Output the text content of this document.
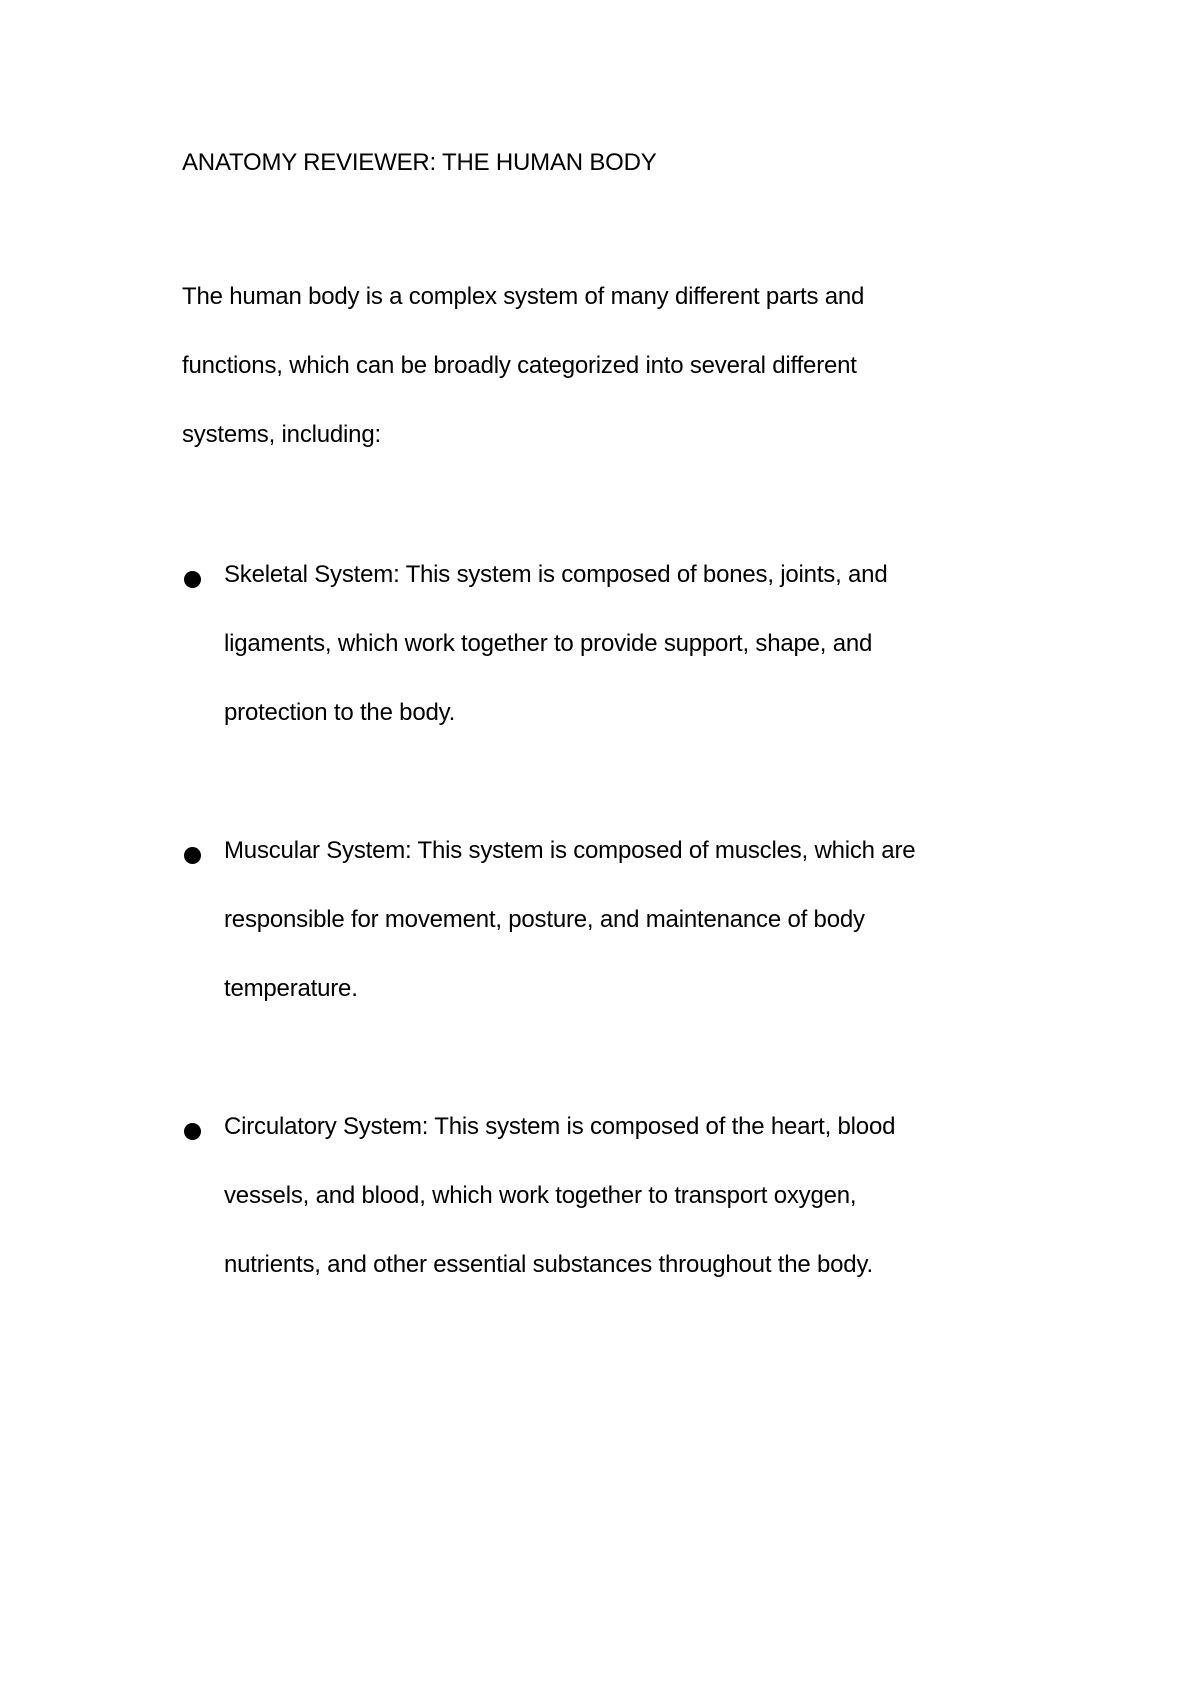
ANATOMY REVIEWER: THE HUMAN BODY
The human body is a complex system of many different parts and
functions, which can be broadly categorized into several different
systems, including:
Skeletal System: This system is composed of bones, joints, and
ligaments, which work together to provide support, shape, and
protection to the body.
Muscular System: This system is composed of muscles, which are
responsible for movement, posture, and maintenance of body
temperature.
Circulatory System: This system is composed of the heart, blood
vessels, and blood, which work together to transport oxygen,
nutrients, and other essential substances throughout the body.
